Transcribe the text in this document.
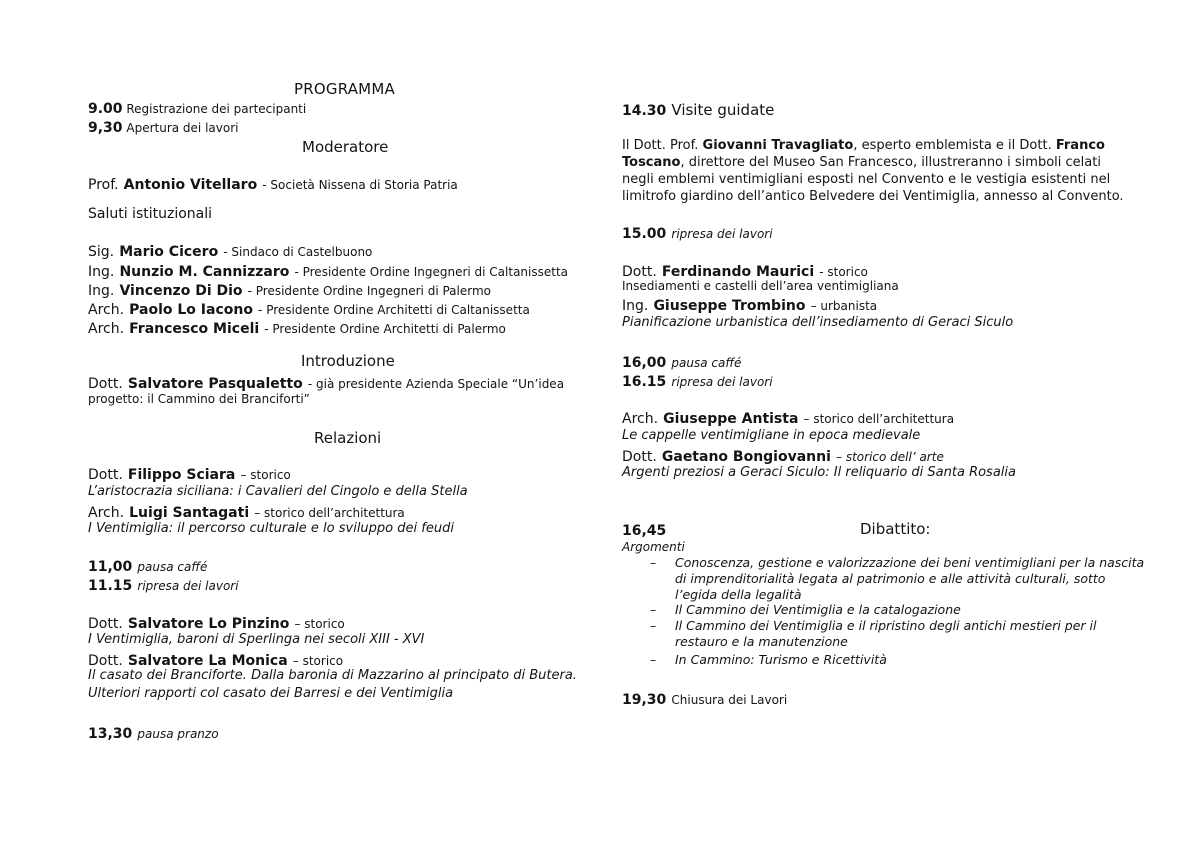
PROGRAMMA
9.00 Registrazione dei partecipanti
9,30 Apertura dei lavori
Moderatore
Prof. Antonio Vitellaro - Società Nissena di Storia Patria
Saluti istituzionali
Sig. Mario Cicero - Sindaco di Castelbuono
Ing. Nunzio M. Cannizzaro - Presidente Ordine Ingegneri di Caltanissetta
Ing. Vincenzo Di Dio - Presidente Ordine Ingegneri di Palermo
Arch. Paolo Lo Iacono - Presidente Ordine Architetti di Caltanissetta
Arch. Francesco Miceli - Presidente Ordine Architetti di Palermo
Introduzione
Dott. Salvatore Pasqualetto - già presidente Azienda Speciale “Un’idea
progetto: il Cammino dei Branciforti”
Relazioni
Dott. Filippo Sciara – storico
L’aristocrazia siciliana: i Cavalieri del Cingolo e della Stella
Arch. Luigi Santagati – storico dell’architettura
I Ventimiglia: il percorso culturale e lo sviluppo dei feudi
11,00 pausa caffé
11.15 ripresa dei lavori
Dott. Salvatore Lo Pinzino – storico
I Ventimiglia, baroni di Sperlinga nei secoli XIII - XVI
Dott. Salvatore La Monica – storico
Il casato dei Branciforte. Dalla baronia di Mazzarino al principato di Butera.
Ulteriori rapporti col casato dei Barresi e dei Ventimiglia
13,30 pausa pranzo
14.30 Visite guidate
Il Dott. Prof. Giovanni Travagliato, esperto emblemista e il Dott. Franco Toscano, direttore del Museo San Francesco, illustreranno i simboli celati negli emblemi ventimigliani esposti nel Convento e le vestigia esistenti nel limitrofo giardino dell’antico Belvedere dei Ventimiglia, annesso al Convento.
15.00 ripresa dei lavori
Dott. Ferdinando Maurici - storico
Insediamenti e castelli dell’area ventimigliana
Ing. Giuseppe Trombino – urbanista
Pianificazione urbanistica dell’insediamento di Geraci Siculo
16,00 pausa caffé
16.15 ripresa dei lavori
Arch. Giuseppe Antista – storico dell’architettura
Le cappelle ventimigliane in epoca medievale
Dott. Gaetano Bongiovanni – storico dell’ arte
Argenti preziosi a Geraci Siculo: Il reliquario di Santa Rosalia
16,45	Dibattito:
Argomenti
– Conoscenza, gestione e valorizzazione dei beni ventimigliani per la nascita di imprenditorialità legata al patrimonio e alle attività culturali, sotto l’egida della legalità
– Il Cammino dei Ventimiglia e la catalogazione
– Il Cammino dei Ventimiglia e il ripristino degli antichi mestieri per il restauro e la manutenzione
– In Cammino: Turismo e Ricettività
19,30 Chiusura dei Lavori
